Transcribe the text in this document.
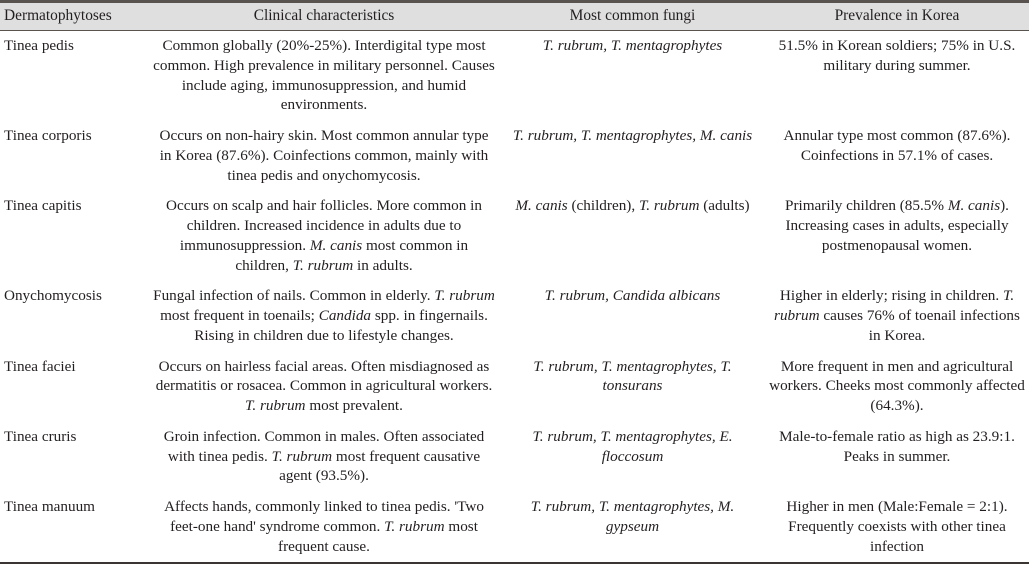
Dermatophytoses	Clinical characteristics	Most common fungi	Prevalence in Korea
Tinea pedis	Common globally (20%-25%). Interdigital type most common. High prevalence in military personnel. Causes include aging, immunosuppression, and humid environments.	T. rubrum, T. mentagrophytes	51.5% in Korean soldiers; 75% in U.S. military during summer.
Tinea corporis	Occurs on non-hairy skin. Most common annular type in Korea (87.6%). Coinfections common, mainly with tinea pedis and onychomycosis.	T. rubrum, T. mentagrophytes, M. canis	Annular type most common (87.6%). Coinfections in 57.1% of cases.
Tinea capitis	Occurs on scalp and hair follicles. More common in children. Increased incidence in adults due to immunosuppression. M. canis most common in children, T. rubrum in adults.	M. canis (children), T. rubrum (adults)	Primarily children (85.5% M. canis). Increasing cases in adults, especially postmenopausal women.
Onychomycosis	Fungal infection of nails. Common in elderly. T. rubrum most frequent in toenails; Candida spp. in fingernails. Rising in children due to lifestyle changes.	T. rubrum, Candida albicans	Higher in elderly; rising in children. T. rubrum causes 76% of toenail infections in Korea.
Tinea faciei	Occurs on hairless facial areas. Often misdiagnosed as dermatitis or rosacea. Common in agricultural workers. T. rubrum most prevalent.	T. rubrum, T. mentagrophytes, T. tonsurans	More frequent in men and agricultural workers. Cheeks most commonly affected (64.3%).
Tinea cruris	Groin infection. Common in males. Often associated with tinea pedis. T. rubrum most frequent causative agent (93.5%).	T. rubrum, T. mentagrophytes, E. floccosum	Male-to-female ratio as high as 23.9:1. Peaks in summer.
Tinea manuum	Affects hands, commonly linked to tinea pedis. 'Two feet-one hand' syndrome common. T. rubrum most frequent cause.	T. rubrum, T. mentagrophytes, M. gypseum	Higher in men (Male:Female = 2:1). Frequently coexists with other tinea infection
